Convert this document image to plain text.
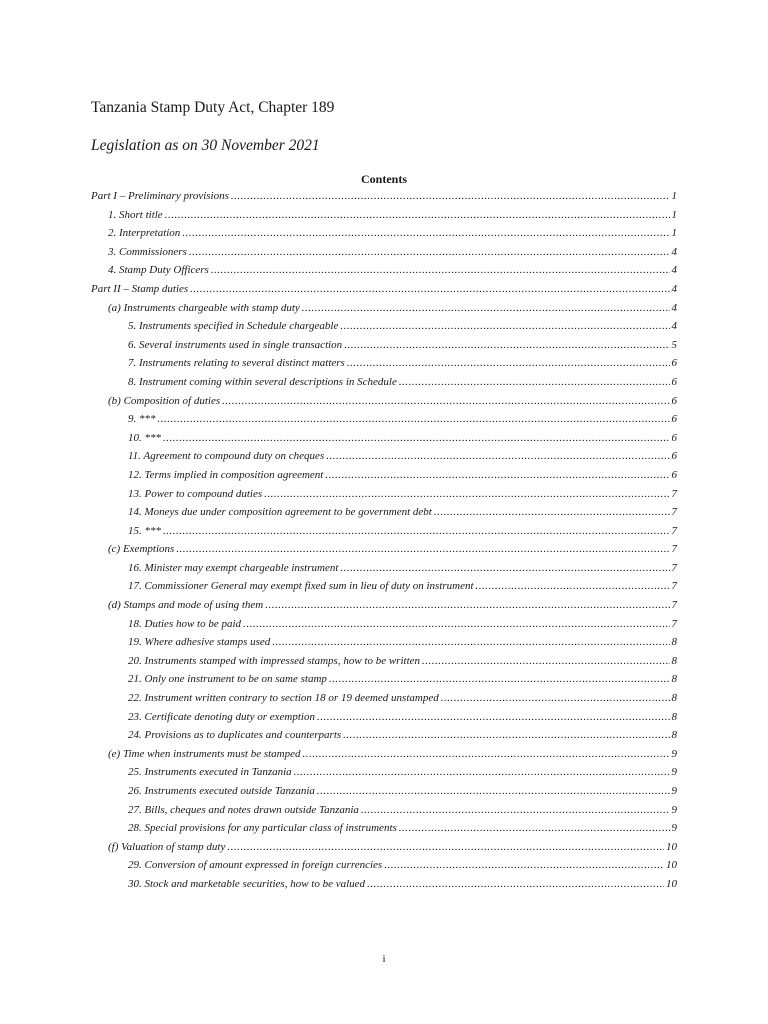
Tanzania Stamp Duty Act, Chapter 189
Legislation as on 30 November 2021
Contents
Part I – Preliminary provisions .....	1
1. Short title .....	1
2. Interpretation .....	1
3. Commissioners .....	4
4. Stamp Duty Officers .....	4
Part II – Stamp duties .....	4
(a) Instruments chargeable with stamp duty .....	4
5. Instruments specified in Schedule chargeable .....	4
6. Several instruments used in single transaction .....	5
7. Instruments relating to several distinct matters .....	6
8. Instrument coming within several descriptions in Schedule .....	6
(b) Composition of duties .....	6
9. *** .....	6
10. *** .....	6
11. Agreement to compound duty on cheques .....	6
12. Terms implied in composition agreement .....	6
13. Power to compound duties .....	7
14. Moneys due under composition agreement to be government debt .....	7
15. *** .....	7
(c) Exemptions .....	7
16. Minister may exempt chargeable instrument .....	7
17. Commissioner General may exempt fixed sum in lieu of duty on instrument .....	7
(d) Stamps and mode of using them .....	7
18. Duties how to be paid .....	7
19. Where adhesive stamps used .....	8
20. Instruments stamped with impressed stamps, how to be written .....	8
21. Only one instrument to be on same stamp .....	8
22. Instrument written contrary to section 18 or 19 deemed unstamped .....	8
23. Certificate denoting duty or exemption .....	8
24. Provisions as to duplicates and counterparts .....	8
(e) Time when instruments must be stamped .....	9
25. Instruments executed in Tanzania .....	9
26. Instruments executed outside Tanzania .....	9
27. Bills, cheques and notes drawn outside Tanzania .....	9
28. Special provisions for any particular class of instruments .....	9
(f) Valuation of stamp duty .....	10
29. Conversion of amount expressed in foreign currencies .....	10
30. Stock and marketable securities, how to be valued .....	10
i
